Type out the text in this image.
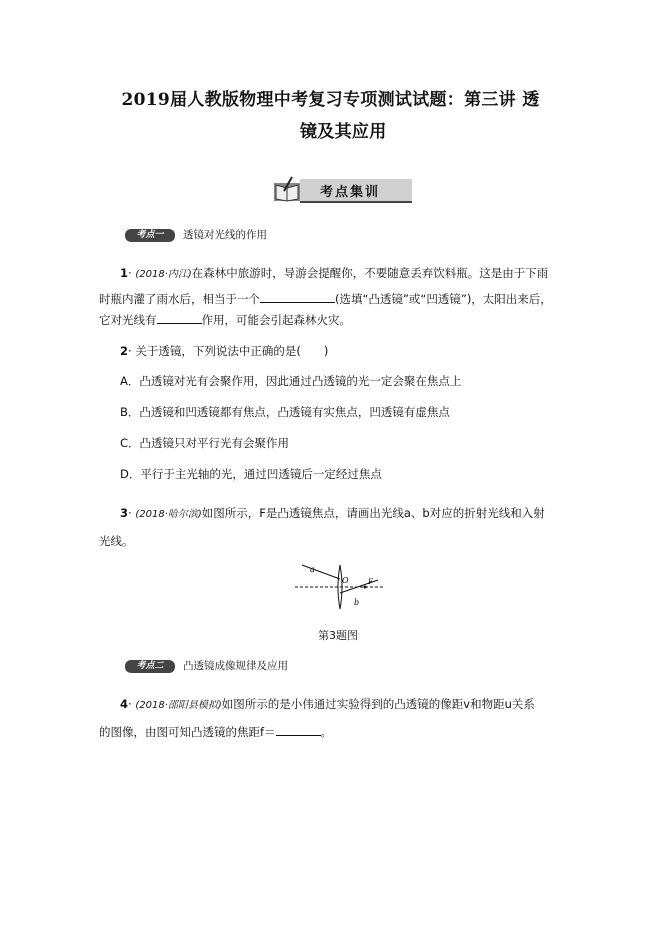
2019届人教版物理中考复习专项测试试题：第三讲 透
镜及其应用
考点集训
考点一 透镜对光线的作用
1· (2018·内江)在森林中旅游时，导游会提醒你，不要随意丢弃饮料瓶。这是由于下雨
时瓶内灌了雨水后，相当于一个	(选填“凸透镜”或“凹透镜”)，太阳出来后，
它对光线有	作用，可能会引起森林火灾。
2· 关于透镜，下列说法中正确的是(　　)
A．凸透镜对光有会聚作用，因此通过凸透镜的光一定会聚在焦点上
B．凸透镜和凹透镜都有焦点，凸透镜有实焦点，凹透镜有虚焦点
C．凸透镜只对平行光有会聚作用
D．平行于主光轴的光，通过凹透镜后一定经过焦点
3· (2018·哈尔滨)如图所示，F是凸透镜焦点，请画出光线a、b对应的折射光线和入射
光线。
a
O	F
b
第3题图
考点二 凸透镜成像规律及应用
4· (2018·邵阳县模拟)如图所示的是小伟通过实验得到的凸透镜的像距v和物距u关系
的图像，由图可知凸透镜的焦距f＝	。
